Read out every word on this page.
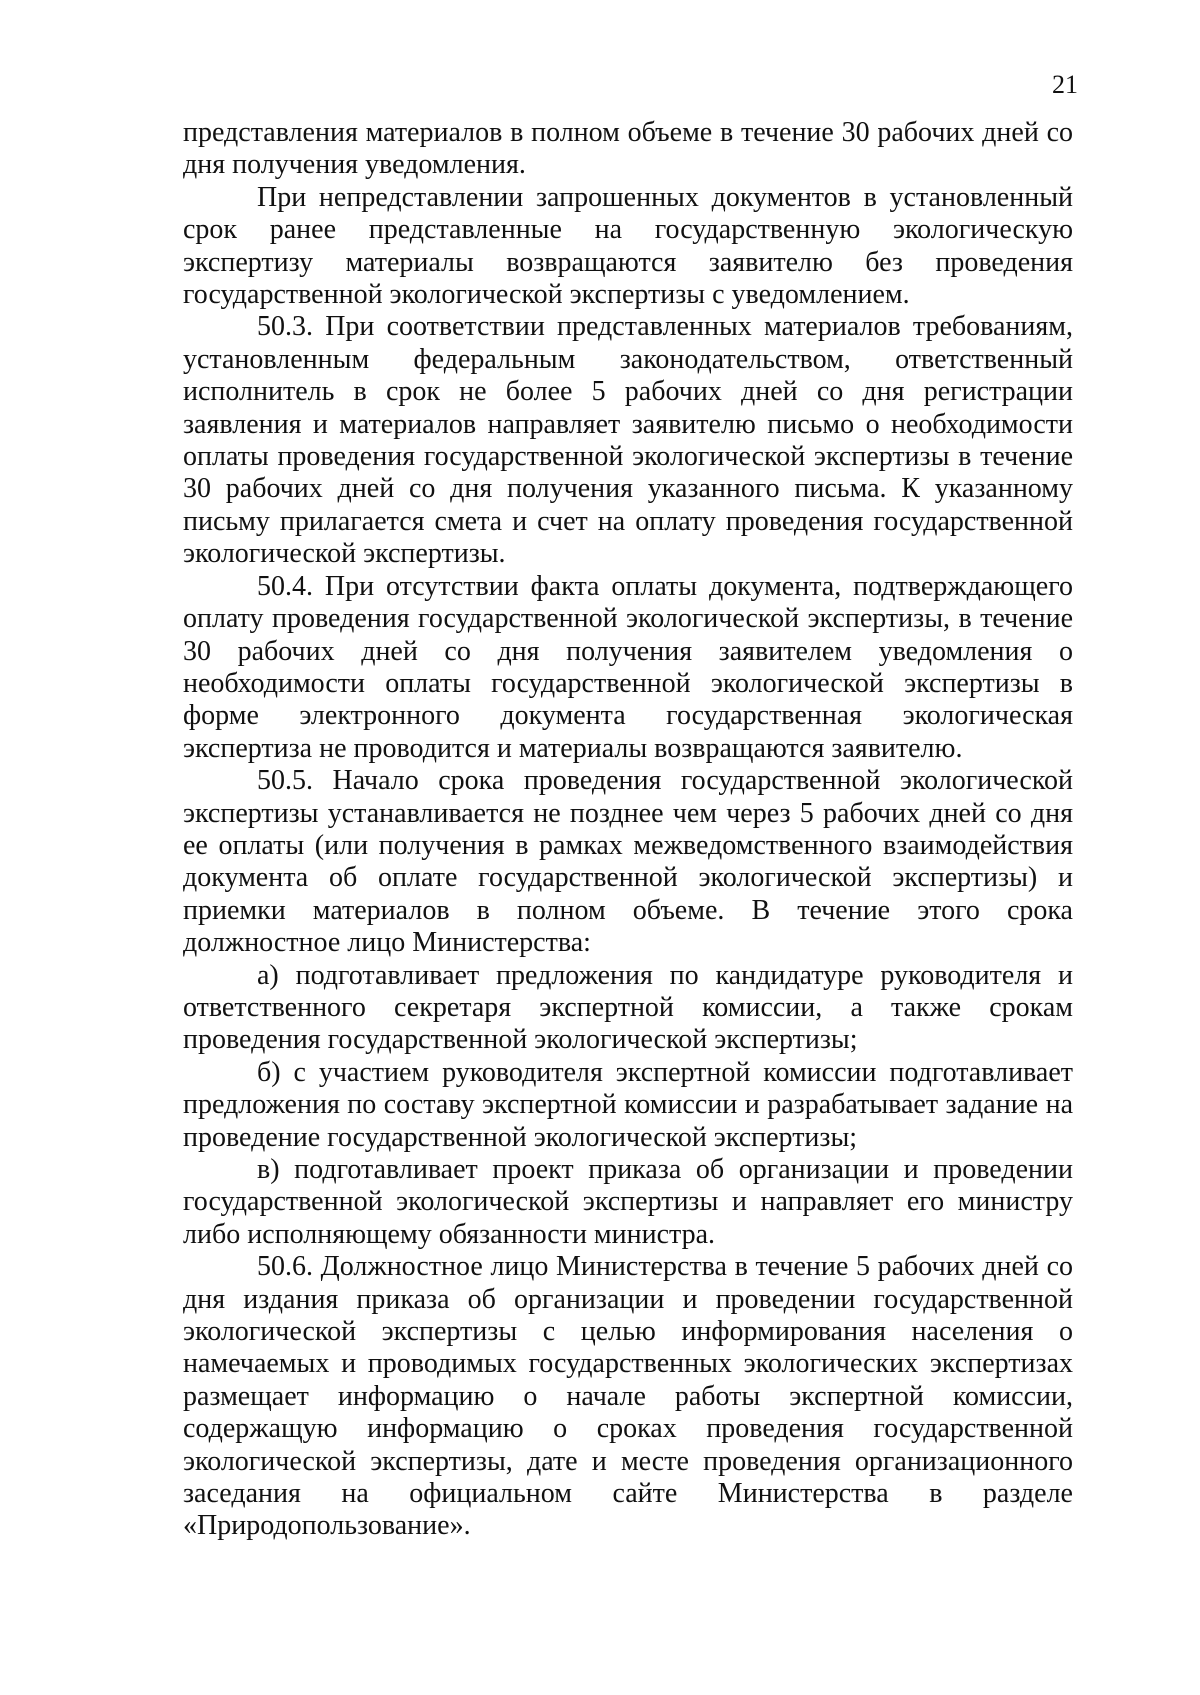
21

представления материалов в полном объеме в течение 30 рабочих дней со дня получения уведомления.

При непредставлении запрошенных документов в установленный срок ранее представленные на государственную экологическую экспертизу материалы возвращаются заявителю без проведения государственной экологической экспертизы с уведомлением.

50.3. При соответствии представленных материалов требованиям, установленным федеральным законодательством, ответственный исполнитель в срок не более 5 рабочих дней со дня регистрации заявления и материалов направляет заявителю письмо о необходимости оплаты проведения государственной экологической экспертизы в течение 30 рабочих дней со дня получения указанного письма. К указанному письму прилагается смета и счет на оплату проведения государственной экологической экспертизы.

50.4. При отсутствии факта оплаты документа, подтверждающего оплату проведения государственной экологической экспертизы, в течение 30 рабочих дней со дня получения заявителем уведомления о необходимости оплаты государственной экологической экспертизы в форме электронного документа государственная экологическая экспертиза не проводится и материалы возвращаются заявителю.

50.5. Начало срока проведения государственной экологической экспертизы устанавливается не позднее чем через 5 рабочих дней со дня ее оплаты (или получения в рамках межведомственного взаимодействия документа об оплате государственной экологической экспертизы) и приемки материалов в полном объеме. В течение этого срока должностное лицо Министерства:

а) подготавливает предложения по кандидатуре руководителя и ответственного секретаря экспертной комиссии, а также срокам проведения государственной экологической экспертизы;

б) с участием руководителя экспертной комиссии подготавливает предложения по составу экспертной комиссии и разрабатывает задание на проведение государственной экологической экспертизы;

в) подготавливает проект приказа об организации и проведении государственной экологической экспертизы и направляет его министру либо исполняющему обязанности министра.

50.6. Должностное лицо Министерства в течение 5 рабочих дней со дня издания приказа об организации и проведении государственной экологической экспертизы с целью информирования населения о намечаемых и проводимых государственных экологических экспертизах размещает информацию о начале работы экспертной комиссии, содержащую информацию о сроках проведения государственной экологической экспертизы, дате и месте проведения организационного заседания на официальном сайте Министерства в разделе «Природопользование».
